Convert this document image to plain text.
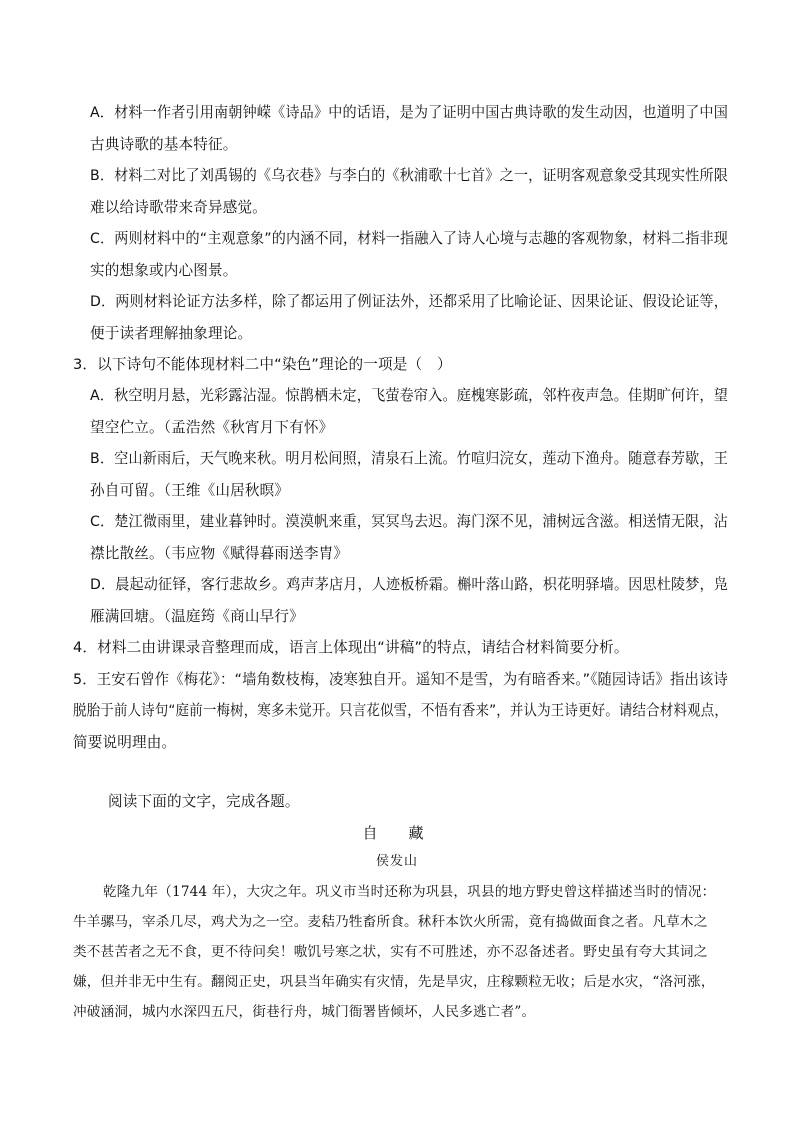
A．材料一作者引用南朝钟嵘《诗品》中的话语，是为了证明中国古典诗歌的发生动因，也道明了中国
古典诗歌的基本特征。
B．材料二对比了刘禹锡的《乌衣巷》与李白的《秋浦歌十七首》之一，证明客观意象受其现实性所限
难以给诗歌带来奇异感觉。
C．两则材料中的“主观意象”的内涵不同，材料一指融入了诗人心境与志趣的客观物象，材料二指非现
实的想象或内心图景。
D．两则材料论证方法多样，除了都运用了例证法外，还都采用了比喻论证、因果论证、假设论证等，
便于读者理解抽象理论。
3．以下诗句不能体现材料二中“染色”理论的一项是（　）
A．秋空明月悬，光彩露沾湿。惊鹊栖未定，飞萤卷帘入。庭槐寒影疏，邻杵夜声急。佳期旷何许，望
望空伫立。（孟浩然《秋宵月下有怀》
B．空山新雨后，天气晚来秋。明月松间照，清泉石上流。竹喧归浣女，莲动下渔舟。随意春芳歇，王
孙自可留。（王维《山居秋暝》
C．楚江微雨里，建业暮钟时。漠漠帆来重，冥冥鸟去迟。海门深不见，浦树远含滋。相送情无限，沾
襟比散丝。（韦应物《赋得暮雨送李胄》
D．晨起动征铎，客行悲故乡。鸡声茅店月，人迹板桥霜。槲叶落山路，枳花明驿墙。因思杜陵梦，凫
雁满回塘。（温庭筠《商山早行》
4．材料二由讲课录音整理而成，语言上体现出“讲稿”的特点，请结合材料简要分析。
5．王安石曾作《梅花》：“墙角数枝梅，凌寒独自开。遥知不是雪，为有暗香来。”《随园诗话》指出该诗
脱胎于前人诗句“庭前一梅树，寒多未觉开。只言花似雪，不悟有香来”，并认为王诗更好。请结合材料观点，
简要说明理由。
阅读下面的文字，完成各题。
自　藏
侯发山
乾隆九年（1744 年），大灾之年。巩义市当时还称为巩县，巩县的地方野史曾这样描述当时的情况：
牛羊骡马，宰杀几尽，鸡犬为之一空。麦秸乃牲畜所食。秫秆本饮火所需，竟有捣做面食之者。凡草木之
类不甚苦者之无不食，更不待问矣！嗷饥号寒之状，实有不可胜述，亦不忍备述者。野史虽有夸大其词之
嫌，但并非无中生有。翻阅正史，巩县当年确实有灾情，先是旱灾，庄稼颗粒无收；后是水灾，“洛河涨，
冲破涵洞，城内水深四五尺，街巷行舟，城门衙署皆倾坏，人民多逃亡者”。
